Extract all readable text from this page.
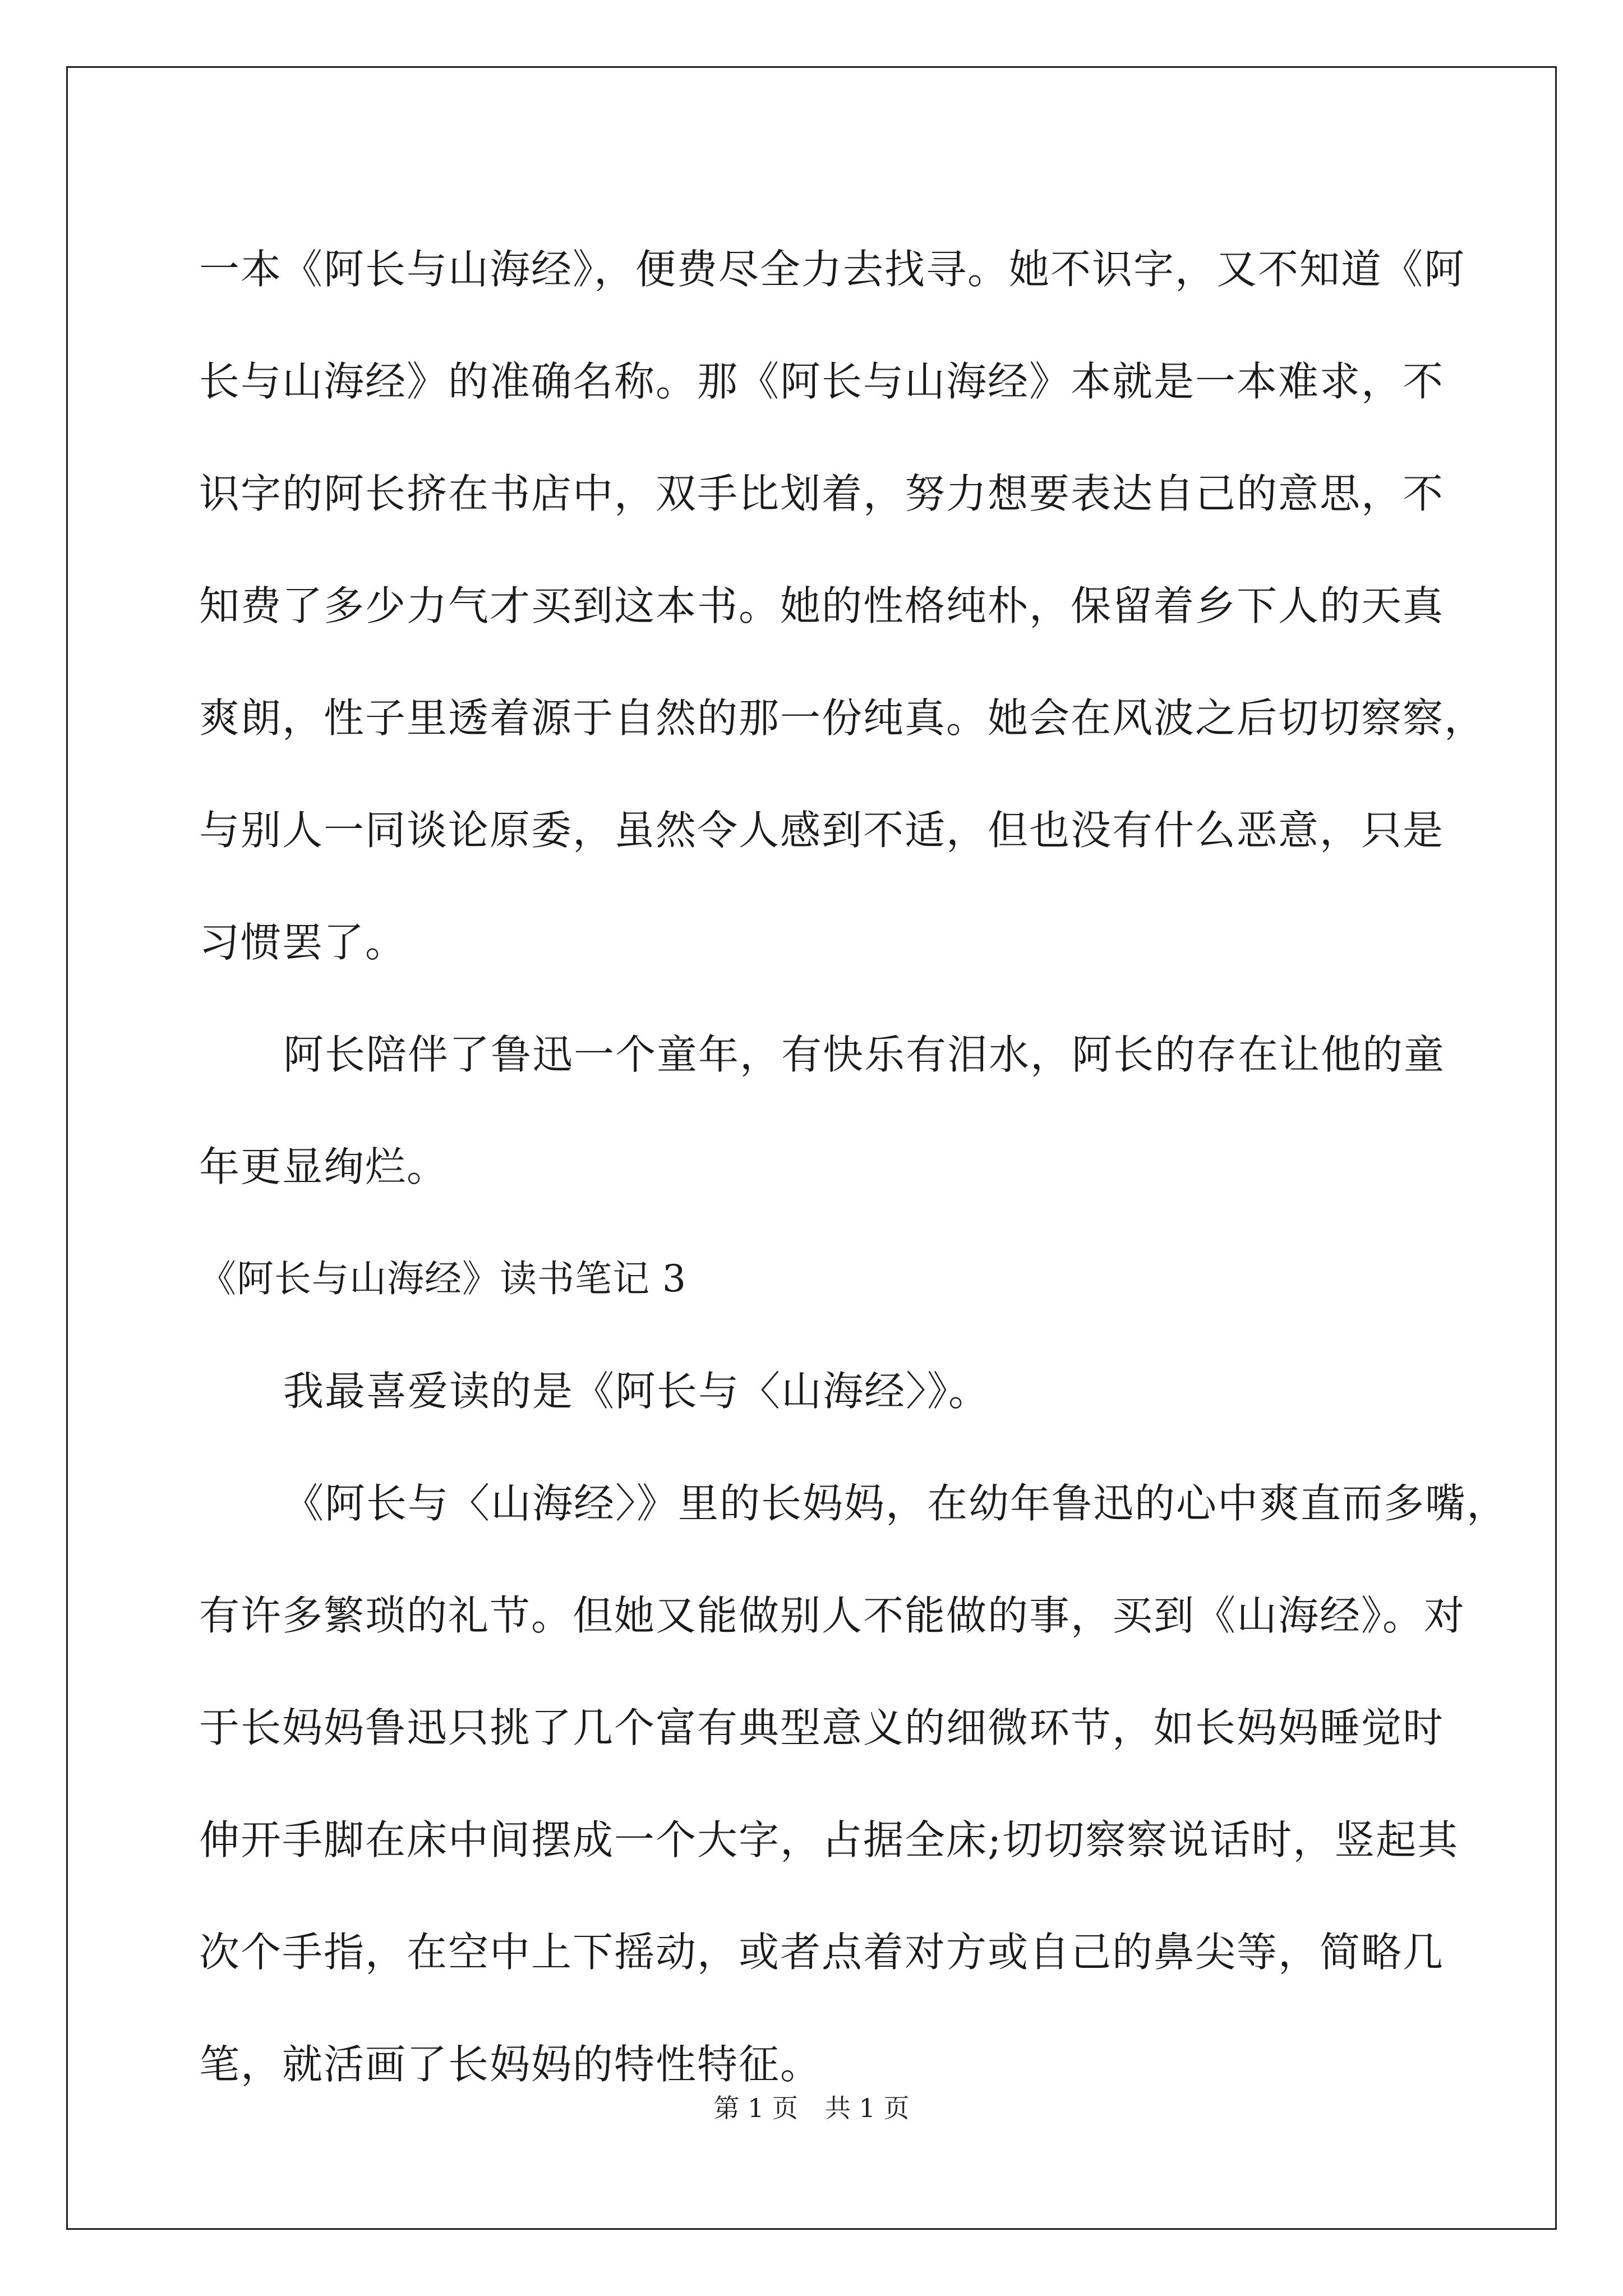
一本《阿长与山海经》，便费尽全力去找寻。她不识字，又不知道《阿
长与山海经》的准确名称。那《阿长与山海经》本就是一本难求，不
识字的阿长挤在书店中，双手比划着，努力想要表达自己的意思，不
知费了多少力气才买到这本书。她的性格纯朴，保留着乡下人的天真
爽朗，性子里透着源于自然的那一份纯真。她会在风波之后切切察察，
与别人一同谈论原委，虽然令人感到不适，但也没有什么恶意，只是
习惯罢了。
阿长陪伴了鲁迅一个童年，有快乐有泪水，阿长的存在让他的童
年更显绚烂。
《阿长与山海经》读书笔记 3
我最喜爱读的是《阿长与〈山海经〉》。
《阿长与〈山海经〉》里的长妈妈，在幼年鲁迅的心中爽直而多嘴，
有许多繁琐的礼节。但她又能做别人不能做的事，买到《山海经》。对
于长妈妈鲁迅只挑了几个富有典型意义的细微环节，如长妈妈睡觉时
伸开手脚在床中间摆成一个大字，占据全床;切切察察说话时，竖起其
次个手指，在空中上下摇动，或者点着对方或自己的鼻尖等，简略几
笔，就活画了长妈妈的特性特征。
第 1 页 共 1 页
